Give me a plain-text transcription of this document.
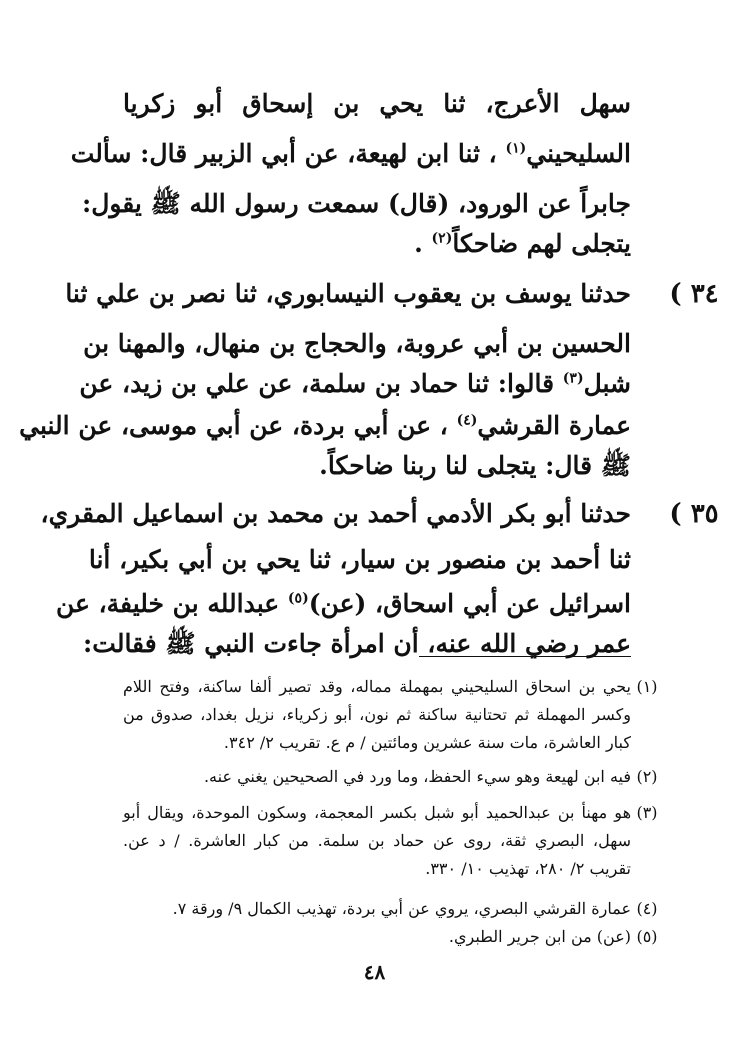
سهل الأعرج، ثنا يحي بن إسحاق أبو زكريا
السليحيني$^{(١)}$ ، ثنا ابن لهيعة، عن أبي الزبير قال: سألت
جابراً عن الورود، (قال) سمعت رسول الله ﷺ يقول:
يتجلى لهم ضاحكاً$^{(٢)}$ .
٣٤ )
حدثنا يوسف بن يعقوب النيسابوري، ثنا نصر بن علي ثنا
الحسين بن أبي عروبة، والحجاج بن منهال، والمهنا بن
شبل$^{(٣)}$ قالوا: ثنا حماد بن سلمة، عن علي بن زيد، عن
عمارة القرشي$^{(٤)}$ ، عن أبي بردة، عن أبي موسى، عن النبي
ﷺ قال: يتجلى لنا ربنا ضاحكاً.
٣٥ )
حدثنا أبو بكر الأدمي أحمد بن محمد بن اسماعيل المقري،
ثنا أحمد بن منصور بن سيار، ثنا يحي بن أبي بكير، أنا
اسرائيل عن أبي اسحاق، (عن)$^{(٥)}$ عبدالله بن خليفة، عن
عمر رضي الله عنه، أن امرأة جاءت النبي ﷺ فقالت:
(١)
يحي بن اسحاق السليحيني بمهملة مماله، وقد تصير ألفا ساكنة، وفتح اللام
وكسر المهملة ثم تحتانية ساكنة ثم نون، أبو زكرياء، نزيل بغداد، صدوق من
كبار العاشرة، مات سنة عشرين ومائتين / م ع. تقريب ٢/ ٣٤٢.
(٢)
فيه ابن لهيعة وهو سيء الحفظ، وما ورد في الصحيحين يغني عنه.
(٣)
هو مهنأ بن عبدالحميد أبو شبل بكسر المعجمة، وسكون الموحدة، ويقال أبو
سهل، البصري ثقة، روى عن حماد بن سلمة. من كبار العاشرة. / د عن.
تقريب ٢/ ٢٨٠، تهذيب ١٠/ ٣٣٠.
(٤)
عمارة القرشي البصري، يروي عن أبي بردة، تهذيب الكمال ٩/ ورقة ٧.
(٥)
(عن) من ابن جرير الطبري.
٤٨
